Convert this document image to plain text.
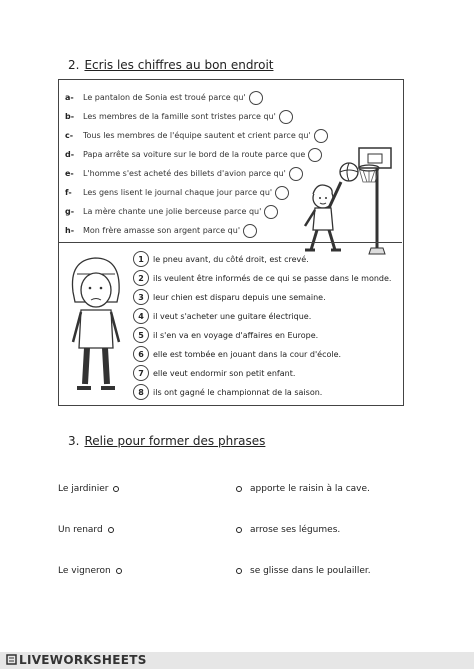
2. Ecris les chiffres au bon endroit
a-	Le pantalon de Sonia est troué parce qu'
b-	Les membres de la famille sont tristes parce qu'
c-	Tous les membres de l'équipe sautent et crient parce qu'
d-	Papa arrête sa voiture sur le bord de la route parce que
e-	L'homme s'est acheté des billets d'avion parce qu'
f-	Les gens lisent le journal chaque jour parce qu'
g-	La mère chante une jolie berceuse parce qu'
h-	Mon frère amasse son argent parce qu'
1	le pneu avant, du côté droit, est crevé.
2	ils veulent être informés de ce qui se passe dans le monde.
3	leur chien est disparu depuis une semaine.
4	il veut s'acheter une guitare électrique.
5	il s'en va en voyage d'affaires en Europe.
6	elle est tombée en jouant dans la cour d'école.
7	elle veut endormir son petit enfant.
8	ils ont gagné le championnat de la saison.
3. Relie pour former des phrases
Le jardinier
Un renard
Le vigneron
apporte le raisin à la cave.
arrose ses légumes.
se glisse dans le poulailler.
LIVEWORKSHEETS
